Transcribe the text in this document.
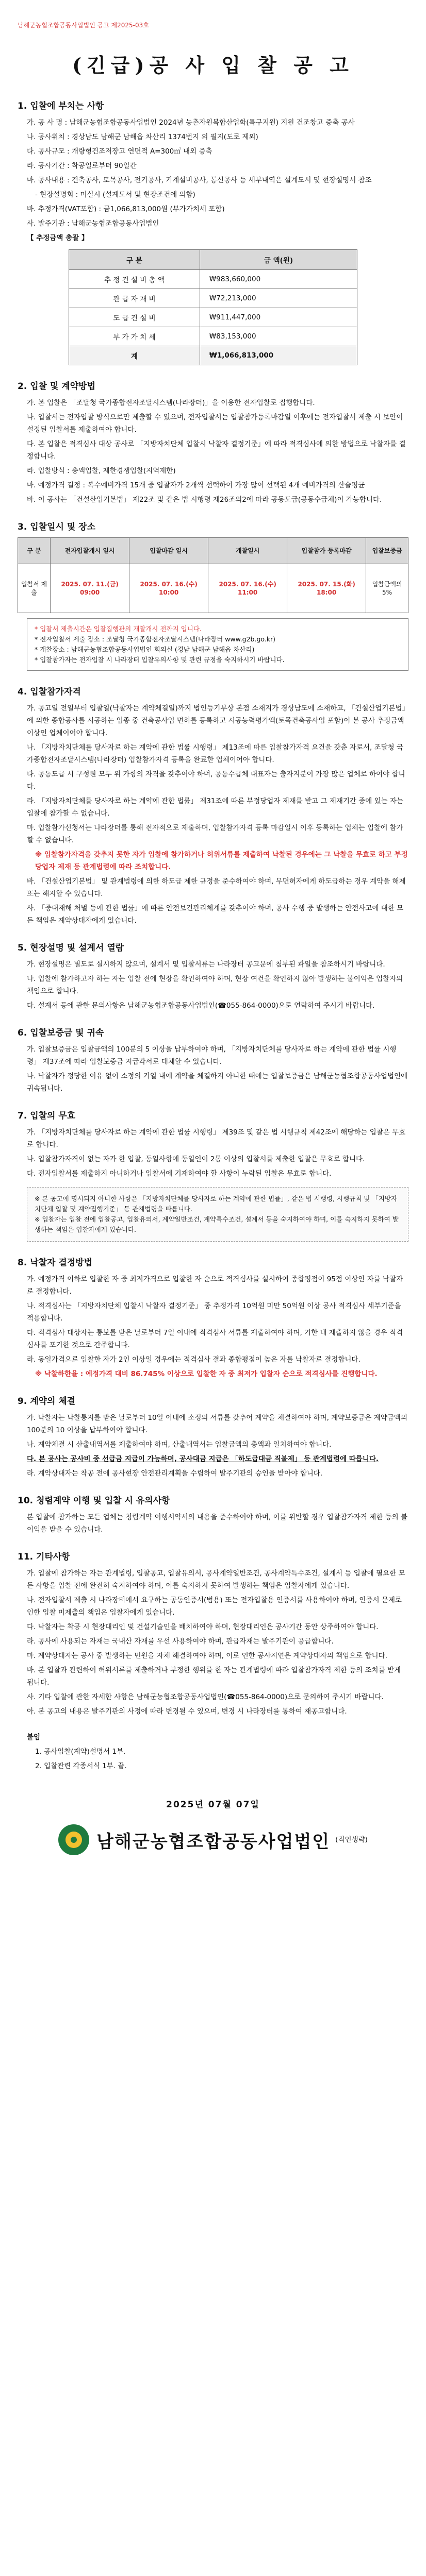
남해군농협조합공동사업법인 공고 제2025-03호
(긴급)공 사 입 찰 공 고
1. 입찰에 부치는 사항
가. 공 사 명 : 남해군농협조합공동사업법인 2024년 농촌자원복합산업화(특구지원) 지원 건조창고 증축 공사
나. 공사위치 : 경상남도 남해군 남해읍 차산리 1374번지 외 필지(도로 제외)
다. 공사규모 : 개량형건조저장고 연면적 A=300㎡ 내외 증축
라. 공사기간 : 착공일로부터 90일간
마. 공사내용 : 건축공사, 토목공사, 전기공사, 기계설비공사, 통신공사 등 세부내역은 설계도서 및 현장설명서 참조
- 현장설명회 : 미실시 (설계도서 및 현장조건에 의함)
바. 추정가격(VAT포함) : 금1,066,813,000원 (부가가치세 포함)
사. 발주기관 : 남해군농협조합공동사업법인
【 추정금액 총괄 】
구 분	금 액(원)
추 정 건 설 비 총 액	₩983,660,000
관 급 자 재 비	₩72,213,000
도 급 건 설 비	₩911,447,000
부 가 가 치 세	₩83,153,000
계	₩1,066,813,000
2. 입찰 및 계약방법
가. 본 입찰은 「조달청 국가종합전자조달시스템(나라장터)」을 이용한 전자입찰로 집행합니다.
나. 입찰서는 전자입찰 방식으로만 제출할 수 있으며, 전자입찰서는 입찰참가등록마감일 이후에는 전자입찰서 제출 시 보안이 설정된 입찰서를 제출하여야 합니다.
다. 본 입찰은 적격심사 대상 공사로 「지방자치단체 입찰시 낙찰자 결정기준」에 따라 적격심사에 의한 방법으로 낙찰자를 결정합니다.
라. 입찰방식 : 총액입찰, 제한경쟁입찰(지역제한)
마. 예정가격 결정 : 복수예비가격 15개 중 입찰자가 2개씩 선택하여 가장 많이 선택된 4개 예비가격의 산술평균
바. 이 공사는 「건설산업기본법」 제22조 및 같은 법 시행령 제26조의2에 따라 공동도급(공동수급체)이 가능합니다.
3. 입찰일시 및 장소
구 분	전자입찰개시 일시	입찰마감 일시	개찰일시	입찰참가 등록마감	입찰보증금
입찰서 제출	2025. 07. 11.(금) 09:00	2025. 07. 16.(수) 10:00	2025. 07. 16.(수) 11:00	2025. 07. 15.(화) 18:00	입찰금액의 5%
* 입찰서 제출시간은 입찰집행관의 개찰개시 전까지 입니다.
* 전자입찰서 제출 장소 : 조달청 국가종합전자조달시스템(나라장터 www.g2b.go.kr)
* 개찰장소 : 남해군농협조합공동사업법인 회의실 (경남 남해군 남해읍 차산리)
* 입찰참가자는 전자입찰 시 나라장터 입찰유의사항 및 관련 규정을 숙지하시기 바랍니다.
4. 입찰참가자격
가. 공고일 전일부터 입찰일(낙찰자는 계약체결일)까지 법인등기부상 본점 소재지가 경상남도에 소재하고, 「건설산업기본법」에 의한 종합공사를 시공하는 업종 중 건축공사업 면허를 등록하고 시공능력평가액(토목건축공사업 포함)이 본 공사 추정금액 이상인 업체이어야 합니다.
나. 「지방자치단체를 당사자로 하는 계약에 관한 법률 시행령」 제13조에 따른 입찰참가자격 요건을 갖춘 자로서, 조달청 국가종합전자조달시스템(나라장터) 입찰참가자격 등록을 완료한 업체이어야 합니다.
다. 공동도급 시 구성원 모두 위 가항의 자격을 갖추어야 하며, 공동수급체 대표자는 출자지분이 가장 많은 업체로 하여야 합니다.
라. 「지방자치단체를 당사자로 하는 계약에 관한 법률」 제31조에 따른 부정당업자 제재를 받고 그 제재기간 중에 있는 자는 입찰에 참가할 수 없습니다.
마. 입찰참가신청서는 나라장터를 통해 전자적으로 제출하며, 입찰참가자격 등록 마감일시 이후 등록하는 업체는 입찰에 참가할 수 없습니다.
※ 입찰참가자격을 갖추지 못한 자가 입찰에 참가하거나 허위서류를 제출하여 낙찰된 경우에는 그 낙찰을 무효로 하고 부정당업자 제재 등 관계법령에 따라 조치합니다.
바. 「건설산업기본법」 및 관계법령에 의한 하도급 제한 규정을 준수하여야 하며, 무면허자에게 하도급하는 경우 계약을 해제 또는 해지할 수 있습니다.
사. 「중대재해 처벌 등에 관한 법률」에 따른 안전보건관리체계를 갖추어야 하며, 공사 수행 중 발생하는 안전사고에 대한 모든 책임은 계약상대자에게 있습니다.
5. 현장설명 및 설계서 열람
가. 현장설명은 별도로 실시하지 않으며, 설계서 및 입찰서류는 나라장터 공고문에 첨부된 파일을 참조하시기 바랍니다.
나. 입찰에 참가하고자 하는 자는 입찰 전에 현장을 확인하여야 하며, 현장 여건을 확인하지 않아 발생하는 불이익은 입찰자의 책임으로 합니다.
다. 설계서 등에 관한 문의사항은 남해군농협조합공동사업법인(☎055-864-0000)으로 연락하여 주시기 바랍니다.
6. 입찰보증금 및 귀속
가. 입찰보증금은 입찰금액의 100분의 5 이상을 납부하여야 하며, 「지방자치단체를 당사자로 하는 계약에 관한 법률 시행령」 제37조에 따라 입찰보증금 지급각서로 대체할 수 있습니다.
나. 낙찰자가 정당한 이유 없이 소정의 기일 내에 계약을 체결하지 아니한 때에는 입찰보증금은 남해군농협조합공동사업법인에 귀속됩니다.
7. 입찰의 무효
가. 「지방자치단체를 당사자로 하는 계약에 관한 법률 시행령」 제39조 및 같은 법 시행규칙 제42조에 해당하는 입찰은 무효로 합니다.
나. 입찰참가자격이 없는 자가 한 입찰, 동일사항에 동일인이 2통 이상의 입찰서를 제출한 입찰은 무효로 합니다.
다. 전자입찰서를 제출하지 아니하거나 입찰서에 기재하여야 할 사항이 누락된 입찰은 무효로 합니다.
※ 본 공고에 명시되지 아니한 사항은 「지방자치단체를 당사자로 하는 계약에 관한 법률」, 같은 법 시행령, 시행규칙 및 「지방자치단체 입찰 및 계약집행기준」 등 관계법령을 따릅니다.
※ 입찰자는 입찰 전에 입찰공고, 입찰유의서, 계약일반조건, 계약특수조건, 설계서 등을 숙지하여야 하며, 이를 숙지하지 못하여 발생하는 책임은 입찰자에게 있습니다.
8. 낙찰자 결정방법
가. 예정가격 이하로 입찰한 자 중 최저가격으로 입찰한 자 순으로 적격심사를 실시하여 종합평점이 95점 이상인 자를 낙찰자로 결정합니다.
나. 적격심사는 「지방자치단체 입찰시 낙찰자 결정기준」 중 추정가격 10억원 미만 50억원 이상 공사 적격심사 세부기준을 적용합니다.
다. 적격심사 대상자는 통보를 받은 날로부터 7일 이내에 적격심사 서류를 제출하여야 하며, 기한 내 제출하지 않을 경우 적격심사를 포기한 것으로 간주합니다.
라. 동일가격으로 입찰한 자가 2인 이상일 경우에는 적격심사 결과 종합평점이 높은 자를 낙찰자로 결정합니다.
※ 낙찰하한율 : 예정가격 대비 86.745% 이상으로 입찰한 자 중 최저가 입찰자 순으로 적격심사를 진행합니다.
9. 계약의 체결
가. 낙찰자는 낙찰통지를 받은 날로부터 10일 이내에 소정의 서류를 갖추어 계약을 체결하여야 하며, 계약보증금은 계약금액의 100분의 10 이상을 납부하여야 합니다.
나. 계약체결 시 산출내역서를 제출하여야 하며, 산출내역서는 입찰금액의 총액과 일치하여야 합니다.
다. 본 공사는 공사비 중 선급금 지급이 가능하며, 공사대금 지급은 「하도급대금 직불제」 등 관계법령에 따릅니다.
라. 계약상대자는 착공 전에 공사현장 안전관리계획을 수립하여 발주기관의 승인을 받아야 합니다.
10. 청렴계약 이행 및 입찰 시 유의사항
본 입찰에 참가하는 모든 업체는 청렴계약 이행서약서의 내용을 준수하여야 하며, 이를 위반할 경우 입찰참가자격 제한 등의 불이익을 받을 수 있습니다.
11. 기타사항
가. 입찰에 참가하는 자는 관계법령, 입찰공고, 입찰유의서, 공사계약일반조건, 공사계약특수조건, 설계서 등 입찰에 필요한 모든 사항을 입찰 전에 완전히 숙지하여야 하며, 이를 숙지하지 못하여 발생하는 책임은 입찰자에게 있습니다.
나. 전자입찰서 제출 시 나라장터에서 요구하는 공동인증서(범용) 또는 전자입찰용 인증서를 사용하여야 하며, 인증서 문제로 인한 입찰 미제출의 책임은 입찰자에게 있습니다.
다. 낙찰자는 착공 시 현장대리인 및 건설기술인을 배치하여야 하며, 현장대리인은 공사기간 동안 상주하여야 합니다.
라. 공사에 사용되는 자재는 국내산 자재를 우선 사용하여야 하며, 관급자재는 발주기관이 공급합니다.
마. 계약상대자는 공사 중 발생하는 민원을 자체 해결하여야 하며, 이로 인한 공사지연은 계약상대자의 책임으로 합니다.
바. 본 입찰과 관련하여 허위서류를 제출하거나 부정한 행위를 한 자는 관계법령에 따라 입찰참가자격 제한 등의 조치를 받게 됩니다.
사. 기타 입찰에 관한 자세한 사항은 남해군농협조합공동사업법인(☎055-864-0000)으로 문의하여 주시기 바랍니다.
아. 본 공고의 내용은 발주기관의 사정에 따라 변경될 수 있으며, 변경 시 나라장터를 통하여 재공고합니다.
붙임
1. 공사입찰(계약)설명서 1부.
2. 입찰관련 각종서식 1부. 끝.
2025년 07월 07일
남해군농협조합공동사업법인 (직인생략)
